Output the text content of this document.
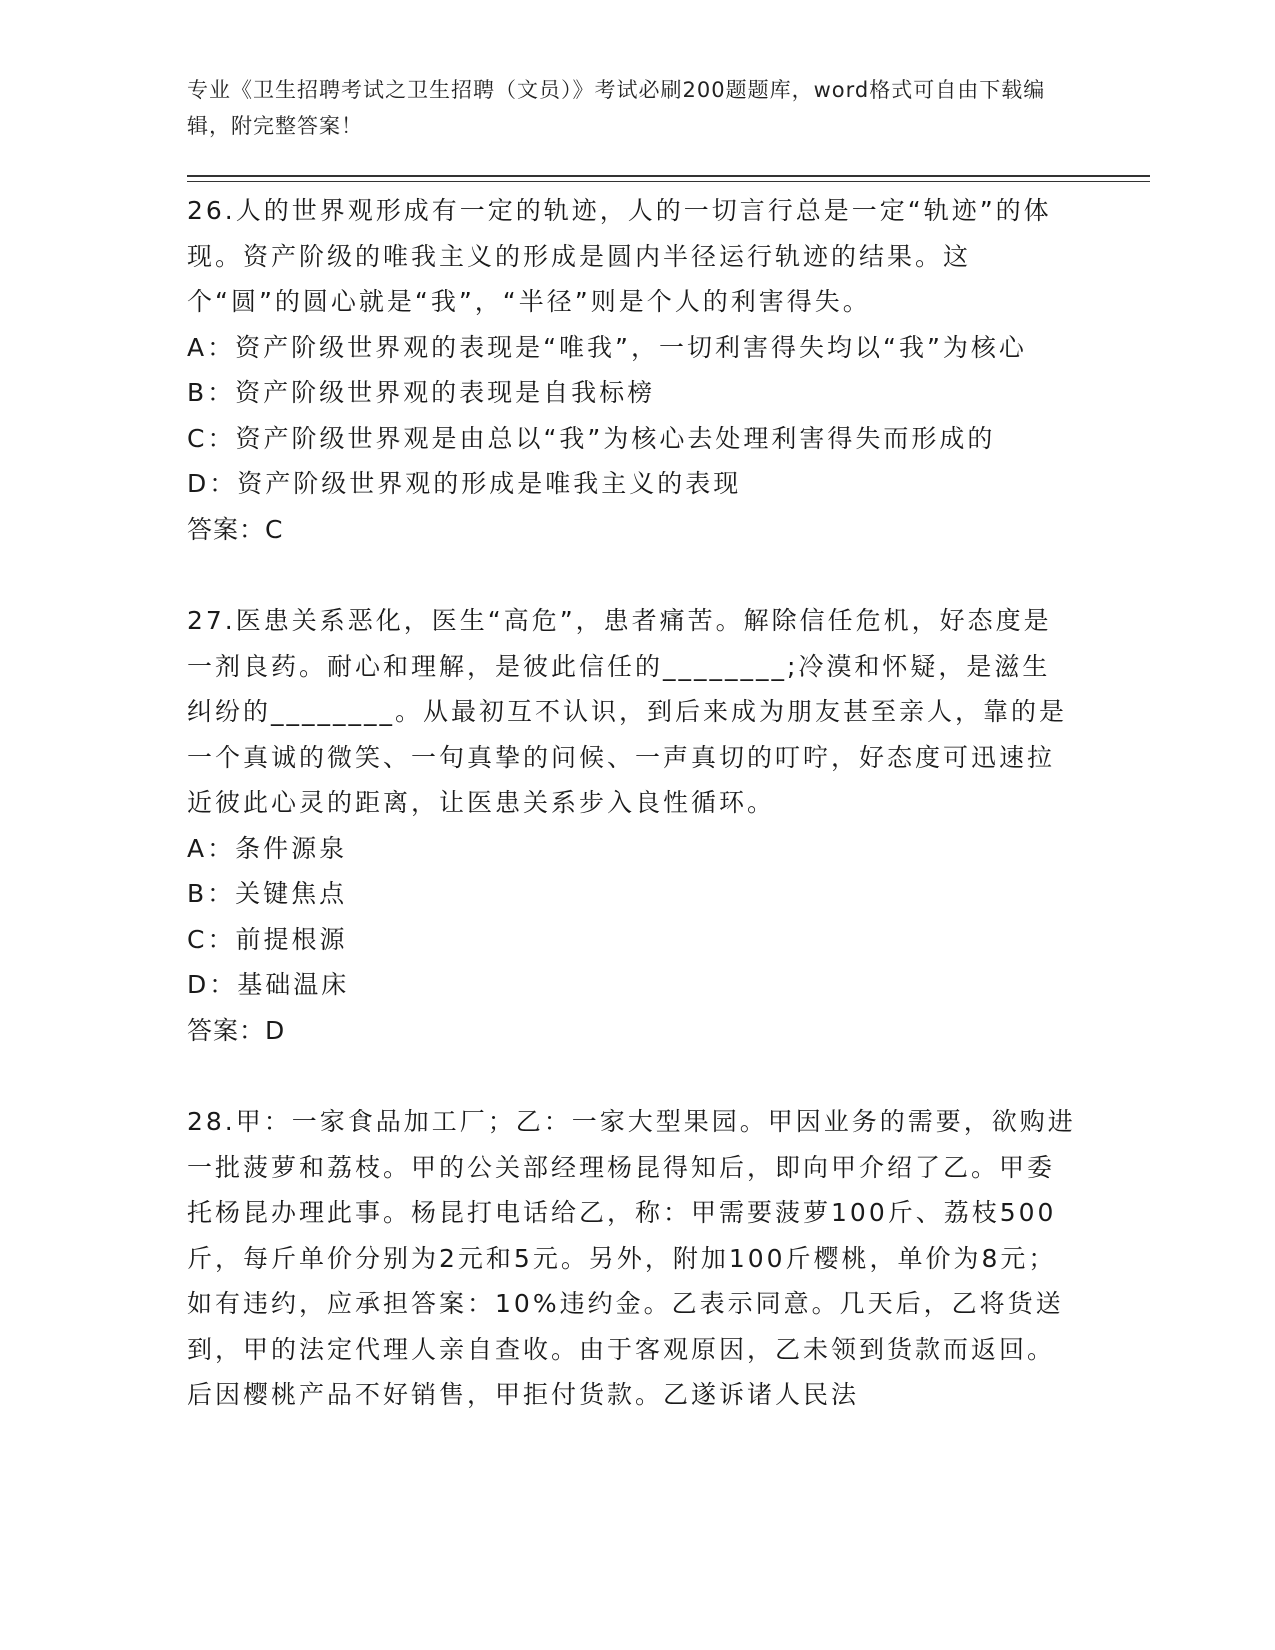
专业《卫生招聘考试之卫生招聘（文员）》考试必刷200题题库，word格式可自由下载编辑，附完整答案！

26.人的世界观形成有一定的轨迹，人的一切言行总是一定“轨迹”的体现。资产阶级的唯我主义的形成是圆内半径运行轨迹的结果。这个“圆”的圆心就是“我”，“半径”则是个人的利害得失。

A：资产阶级世界观的表现是“唯我”，一切利害得失均以“我”为核心

B：资产阶级世界观的表现是自我标榜

C：资产阶级世界观是由总以“我”为核心去处理利害得失而形成的

D：资产阶级世界观的形成是唯我主义的表现

答案：C

27.医患关系恶化，医生“高危”，患者痛苦。解除信任危机，好态度是一剂良药。耐心和理解，是彼此信任的________;冷漠和怀疑，是滋生纠纷的________。从最初互不认识，到后来成为朋友甚至亲人，靠的是一个真诚的微笑、一句真挚的问候、一声真切的叮咛，好态度可迅速拉近彼此心灵的距离，让医患关系步入良性循环。

A：条件源泉

B：关键焦点

C：前提根源

D：基础温床

答案：D

28.甲：一家食品加工厂；乙：一家大型果园。甲因业务的需要，欲购进一批菠萝和荔枝。甲的公关部经理杨昆得知后，即向甲介绍了乙。甲委托杨昆办理此事。杨昆打电话给乙，称：甲需要菠萝100斤、荔枝500斤，每斤单价分别为2元和5元。另外，附加100斤樱桃，单价为8元；如有违约，应承担答案：10%违约金。乙表示同意。几天后，乙将货送到，甲的法定代理人亲自查收。由于客观原因，乙未领到货款而返回。后因樱桃产品不好销售，甲拒付货款。乙遂诉诸人民法
